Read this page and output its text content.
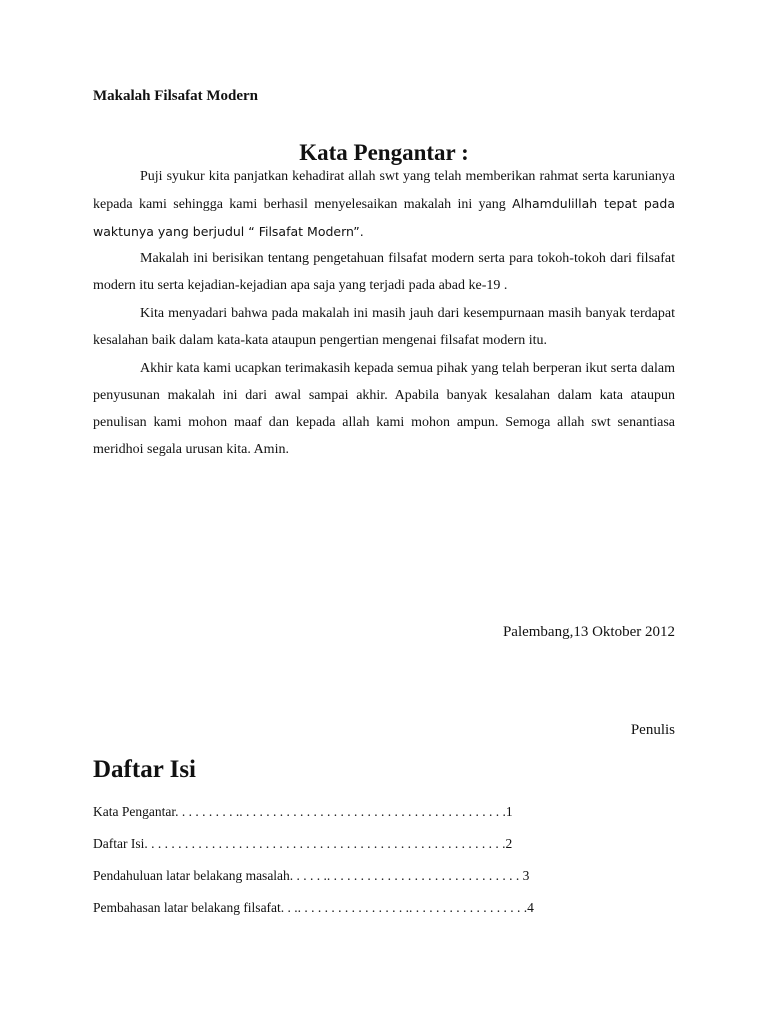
Makalah Filsafat Modern

Kata Pengantar :

Puji syukur kita panjatkan kehadirat allah swt yang telah memberikan rahmat serta karunianya kepada kami sehingga kami berhasil menyelesaikan makalah ini yang Alhamdulillah tepat pada waktunya yang berjudul “ Filsafat Modern”.

Makalah ini berisikan tentang pengetahuan filsafat modern serta para tokoh-tokoh dari filsafat modern itu serta kejadian-kejadian apa saja yang terjadi pada abad ke-19 .

Kita menyadari bahwa pada makalah ini masih jauh dari kesempurnaan masih banyak terdapat kesalahan baik dalam kata-kata ataupun pengertian mengenai filsafat modern itu.

Akhir kata kami ucapkan terimakasih kepada semua pihak yang telah berperan ikut serta dalam penyusunan makalah ini dari awal sampai akhir. Apabila banyak kesalahan dalam kata ataupun penulisan kami mohon maaf dan kepada allah kami mohon ampun. Semoga allah swt senantiasa meridhoi segala urusan kita. Amin.

Palembang,13 Oktober 2012

Penulis

Daftar Isi
Kata Pengantar. . . . . . . . . .. . . . . . . . . . . . . . . . . . . . . . . . . . . . . . . . . . . . . . . .1
Daftar Isi. . . . . . . . . . . . . . . . . . . . . . . . . . . . . . . . . . . . . . . . . . . . . . . . . . . . . .2
Pendahuluan latar belakang masalah. . . . . .. . . . . . . . . . . . . . . . . . . . . . . . . . . . . 3
Pembahasan latar belakang filsafat. . .. . . . . . . . . . . . . . . . .. . . . . . . . . . . . . . . . . .4
